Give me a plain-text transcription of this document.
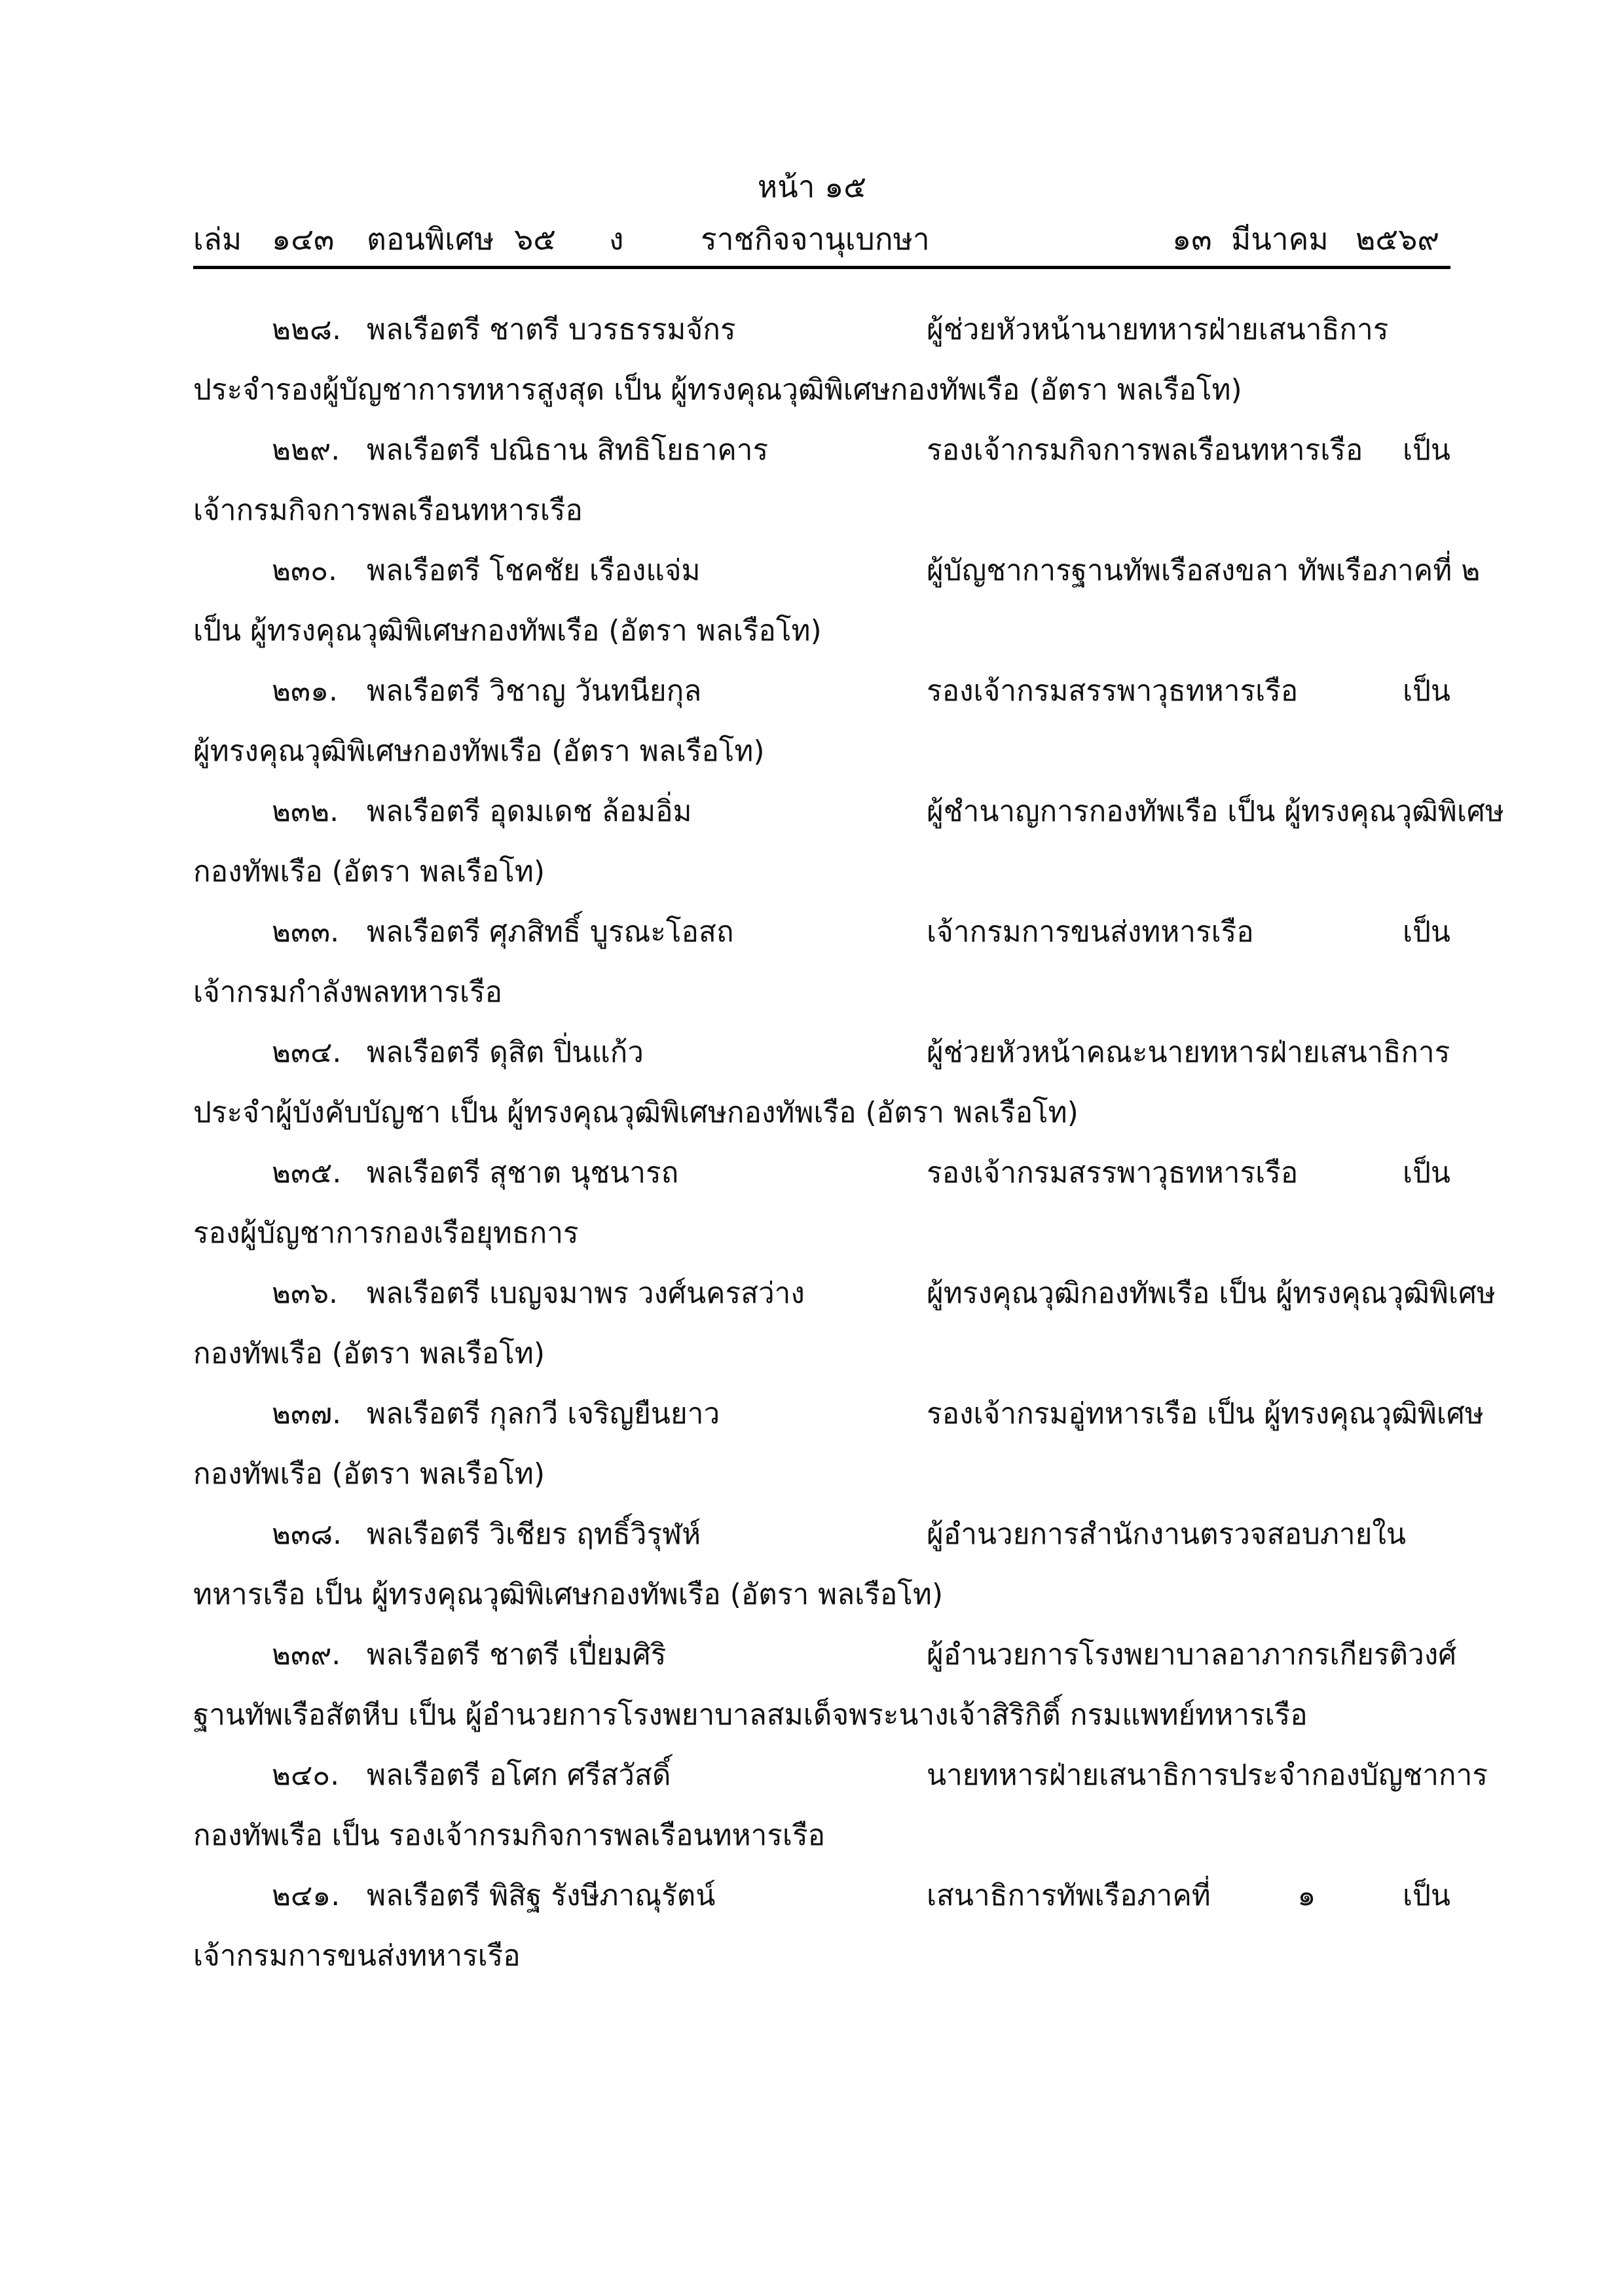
หน้า ๑๕
เล่ม ๑๔๓ ตอนพิเศษ ๖๕ ง	ราชกิจจานุเบกษา	๑๓ มีนาคม ๒๕๖๙
๒๒๘. พลเรือตรี ชาตรี บวรธรรมจักร	ผู้ช่วยหัวหน้านายทหารฝ่ายเสนาธิการ
ประจำรองผู้บัญชาการทหารสูงสุด เป็น ผู้ทรงคุณวุฒิพิเศษกองทัพเรือ (อัตรา พลเรือโท)
๒๒๙. พลเรือตรี ปณิธาน สิทธิโยธาคาร	รองเจ้ากรมกิจการพลเรือนทหารเรือ เป็น
เจ้ากรมกิจการพลเรือนทหารเรือ
๒๓๐. พลเรือตรี โชคชัย เรืองแจ่ม	ผู้บัญชาการฐานทัพเรือสงขลา ทัพเรือภาคที่ ๒
เป็น ผู้ทรงคุณวุฒิพิเศษกองทัพเรือ (อัตรา พลเรือโท)
๒๓๑. พลเรือตรี วิชาญ วันทนียกุล	รองเจ้ากรมสรรพาวุธทหารเรือ เป็น
ผู้ทรงคุณวุฒิพิเศษกองทัพเรือ (อัตรา พลเรือโท)
๒๓๒. พลเรือตรี อุดมเดช ล้อมอิ่ม	ผู้ชำนาญการกองทัพเรือ เป็น ผู้ทรงคุณวุฒิพิเศษ
กองทัพเรือ (อัตรา พลเรือโท)
๒๓๓. พลเรือตรี ศุภสิทธิ์ บูรณะโอสถ	เจ้ากรมการขนส่งทหารเรือ เป็น
เจ้ากรมกำลังพลทหารเรือ
๒๓๔. พลเรือตรี ดุสิต ปิ่นแก้ว	ผู้ช่วยหัวหน้าคณะนายทหารฝ่ายเสนาธิการ
ประจำผู้บังคับบัญชา เป็น ผู้ทรงคุณวุฒิพิเศษกองทัพเรือ (อัตรา พลเรือโท)
๒๓๕. พลเรือตรี สุชาต นุชนารถ	รองเจ้ากรมสรรพาวุธทหารเรือ เป็น
รองผู้บัญชาการกองเรือยุทธการ
๒๓๖. พลเรือตรี เบญจมาพร วงศ์นครสว่าง	ผู้ทรงคุณวุฒิกองทัพเรือ เป็น ผู้ทรงคุณวุฒิพิเศษ
กองทัพเรือ (อัตรา พลเรือโท)
๒๓๗. พลเรือตรี กุลกวี เจริญยืนยาว	รองเจ้ากรมอู่ทหารเรือ เป็น ผู้ทรงคุณวุฒิพิเศษ
กองทัพเรือ (อัตรา พลเรือโท)
๒๓๘. พลเรือตรี วิเชียร ฤทธิ์วิรุฬห์	ผู้อำนวยการสำนักงานตรวจสอบภายใน
ทหารเรือ เป็น ผู้ทรงคุณวุฒิพิเศษกองทัพเรือ (อัตรา พลเรือโท)
๒๓๙. พลเรือตรี ชาตรี เปี่ยมศิริ	ผู้อำนวยการโรงพยาบาลอาภากรเกียรติวงศ์
ฐานทัพเรือสัตหีบ เป็น ผู้อำนวยการโรงพยาบาลสมเด็จพระนางเจ้าสิริกิติ์ กรมแพทย์ทหารเรือ
๒๔๐. พลเรือตรี อโศก ศรีสวัสดิ์	นายทหารฝ่ายเสนาธิการประจำกองบัญชาการ
กองทัพเรือ เป็น รองเจ้ากรมกิจการพลเรือนทหารเรือ
๒๔๑. พลเรือตรี พิสิฐ รังษีภาณุรัตน์	เสนาธิการทัพเรือภาคที่ ๑ เป็น
เจ้ากรมการขนส่งทหารเรือ
